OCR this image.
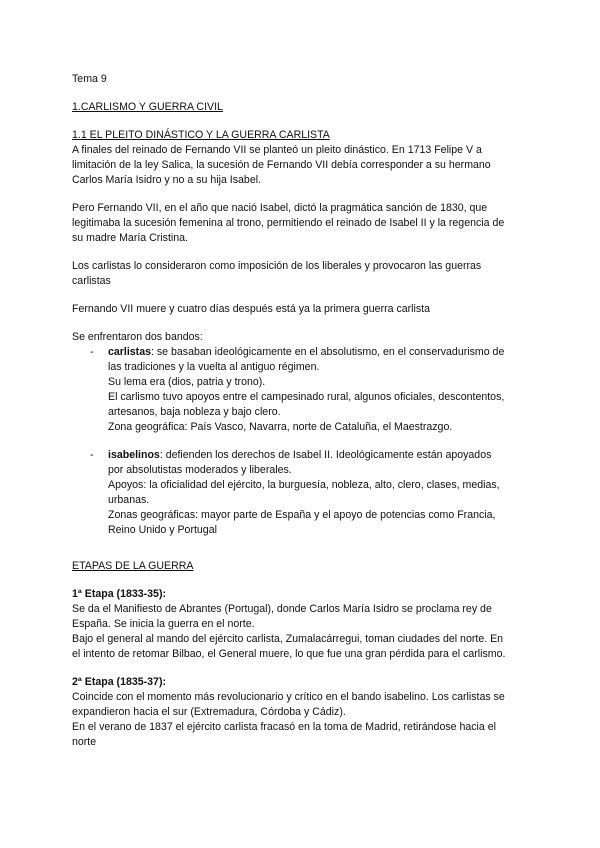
Tema 9
1.CARLISMO Y GUERRA CIVIL
1.1 EL PLEITO DINÁSTICO Y LA GUERRA CARLISTA
A finales del reinado de Fernando VII se planteó un pleito dinástico. En 1713 Felipe V a
limitación de la ley Salica, la sucesión de Fernando VII debía corresponder a su hermano
Carlos María Isidro y no a su hija Isabel.
Pero Fernando VII, en el año que nació Isabel, dictó la pragmática sanción de 1830, que
legitimaba la sucesión femenina al trono, permitiendo el reinado de Isabel II y la regencia de
su madre María Cristina.
Los carlistas lo consideraron como imposición de los liberales y provocaron las guerras
carlistas
Fernando VII muere y cuatro días después está ya la primera guerra carlista
Se enfrentaron dos bandos:
- carlistas: se basaban ideológicamente en el absolutismo, en el conservadurismo de
las tradiciones y la vuelta al antiguo régimen.
Su lema era (dios, patria y trono).
El carlismo tuvo apoyos entre el campesinado rural, algunos oficiales, descontentos,
artesanos, baja nobleza y bajo clero.
Zona geográfica: País Vasco, Navarra, norte de Cataluña, el Maestrazgo.
- isabelinos: defienden los derechos de Isabel II. Ideológicamente están apoyados
por absolutistas moderados y liberales.
Apoyos: la oficialidad del ejército, la burguesía, nobleza, alto, clero, clases, medias,
urbanas.
Zonas geográficas: mayor parte de España y el apoyo de potencias como Francia,
Reino Unido y Portugal
ETAPAS DE LA GUERRA
1ª Etapa (1833-35):
Se da el Manifiesto de Abrantes (Portugal), donde Carlos María Isidro se proclama rey de
España. Se inicia la guerra en el norte.
Bajo el general al mando del ejército carlista, Zumalacárregui, toman ciudades del norte. En
el intento de retomar Bilbao, el General muere, lo que fue una gran pérdida para el carlismo.
2ª Etapa (1835-37):
Coincide con el momento más revolucionario y crítico en el bando isabelino. Los carlistas se
expandieron hacia el sur (Extremadura, Córdoba y Cádiz).
En el verano de 1837 el ejército carlista fracasó en la toma de Madrid, retirándose hacia el
norte
